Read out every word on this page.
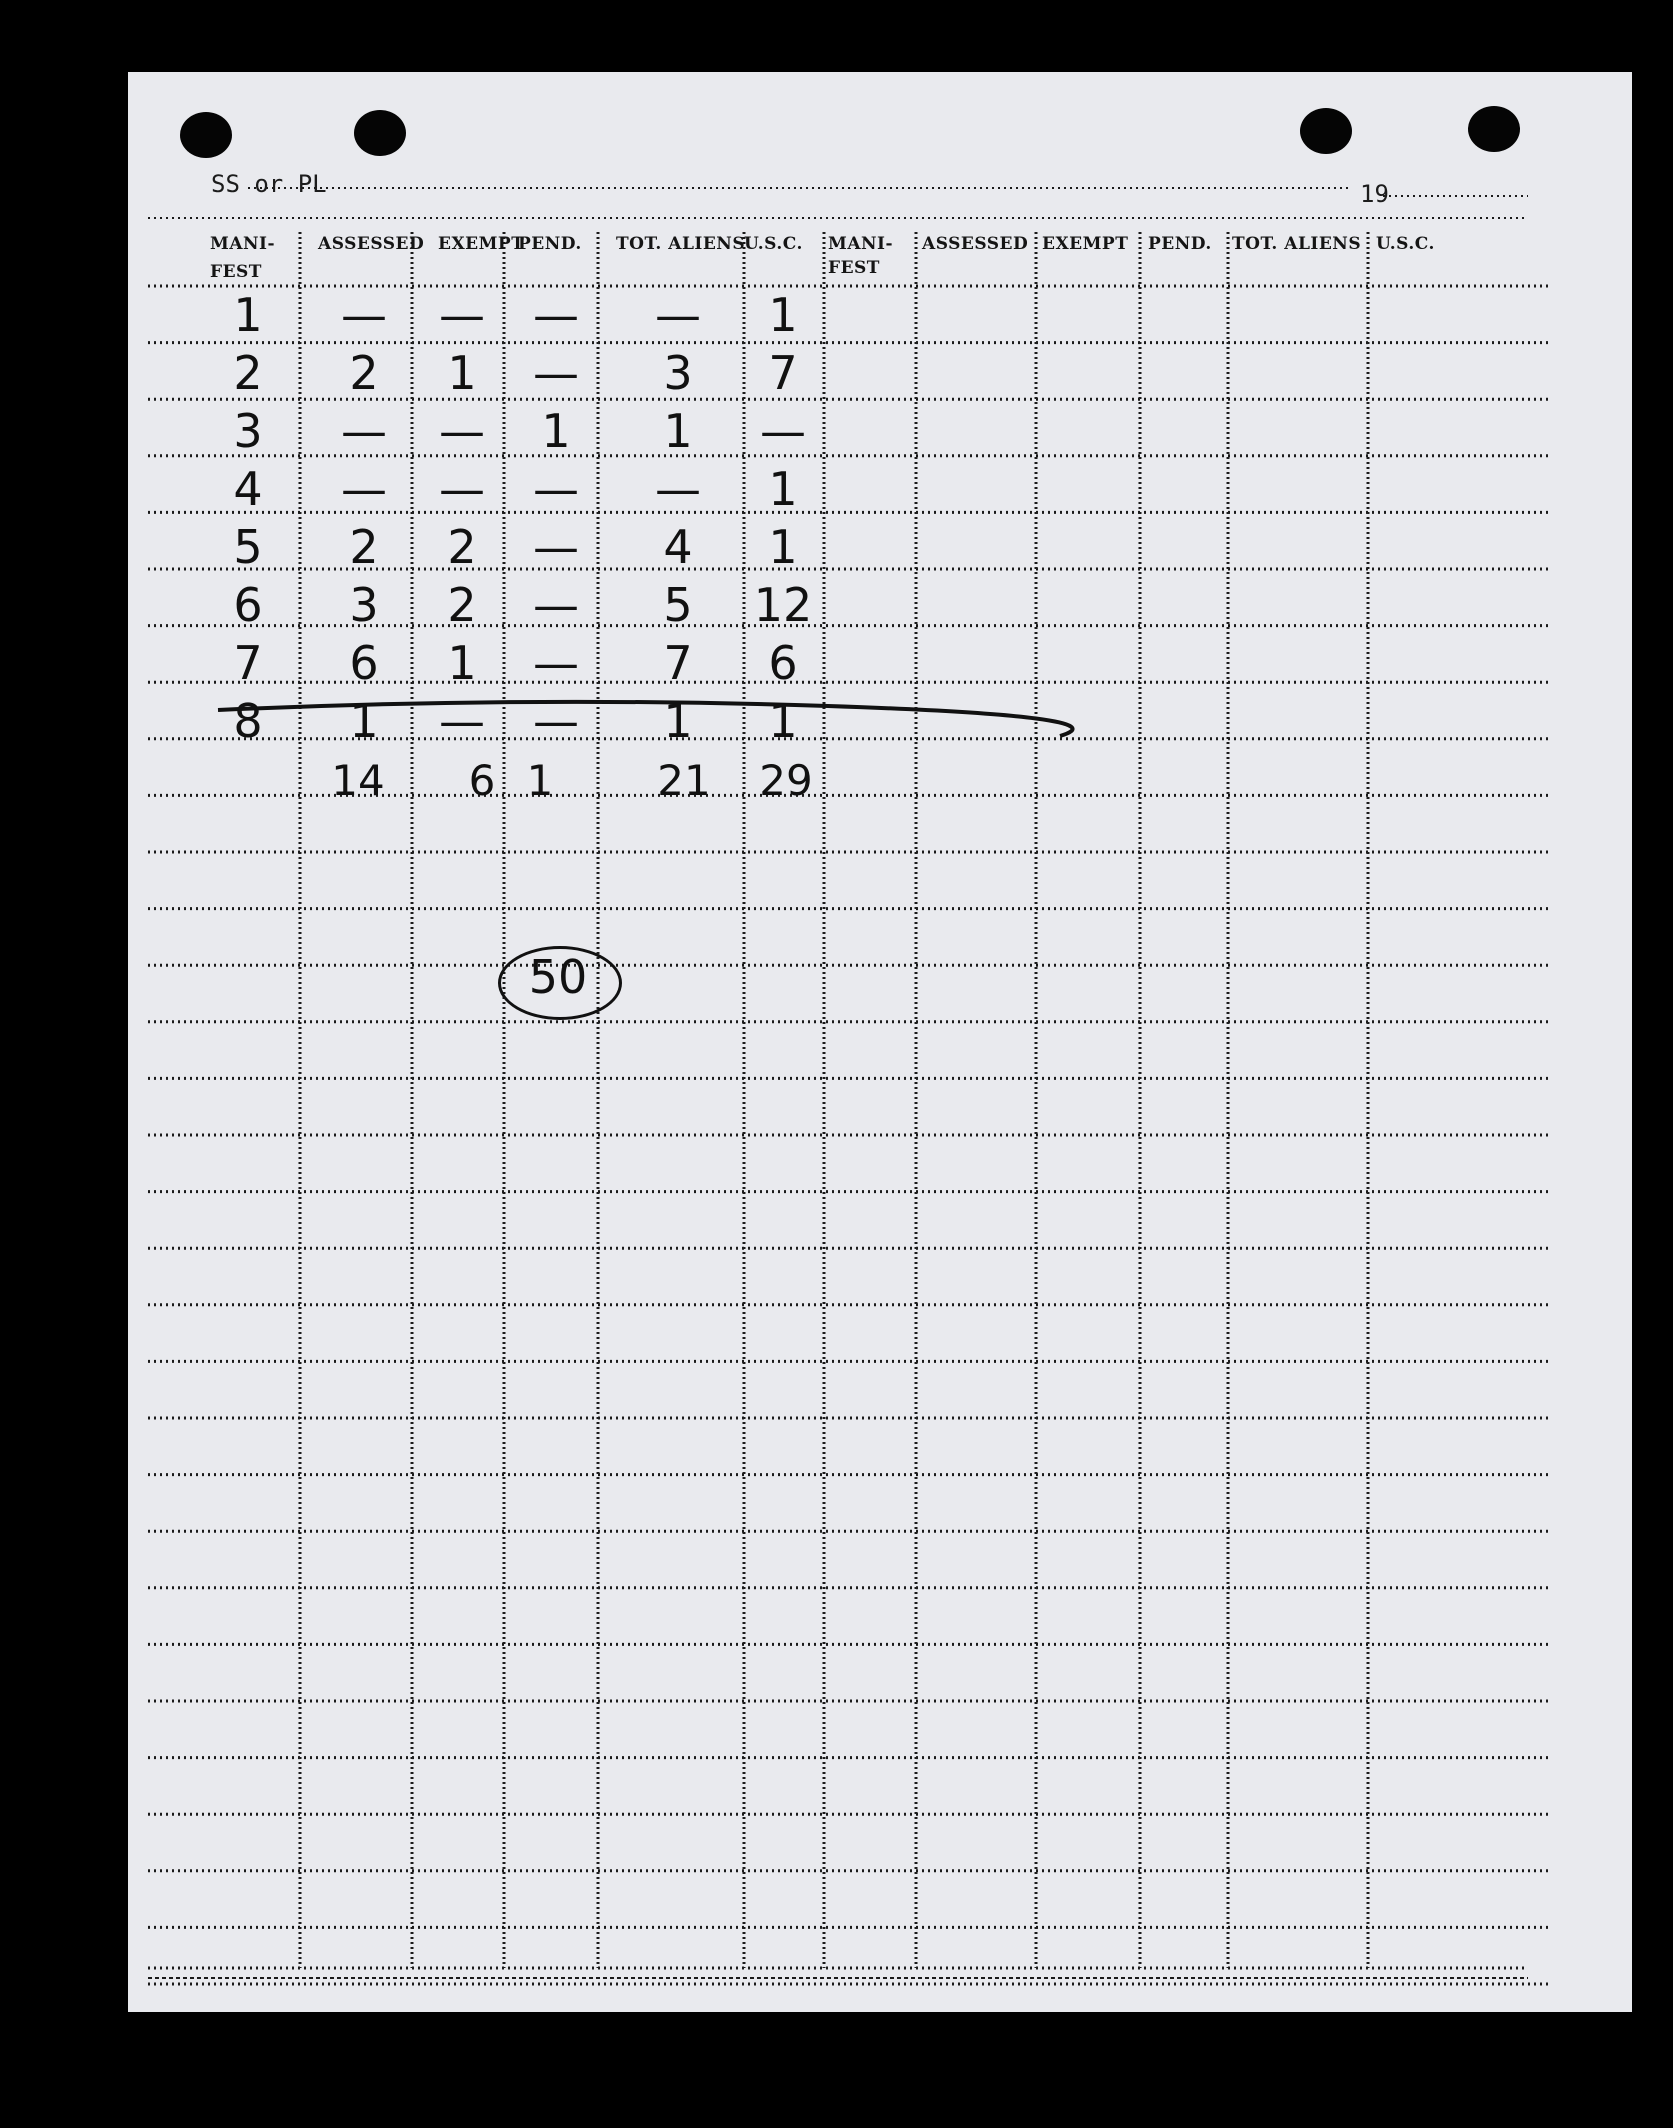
SS or PL	19
MANI-
FEST
ASSESSED EXEMPT
PEND. TOT. ALIENS
U.S.C. MANI-
FEST
ASSESSED EXEMPT PEND. TOT. ALIENS U.S.C.
1 — — — — 1
2 2 1 — 3 7
3 — — 1 1 —
4 — — — — 1
5 2 2 — 4 1
6 3 2 — 5 12
7 6 1 — 7 6
8 1 — — 1 1
14 6 1 21 29
50
